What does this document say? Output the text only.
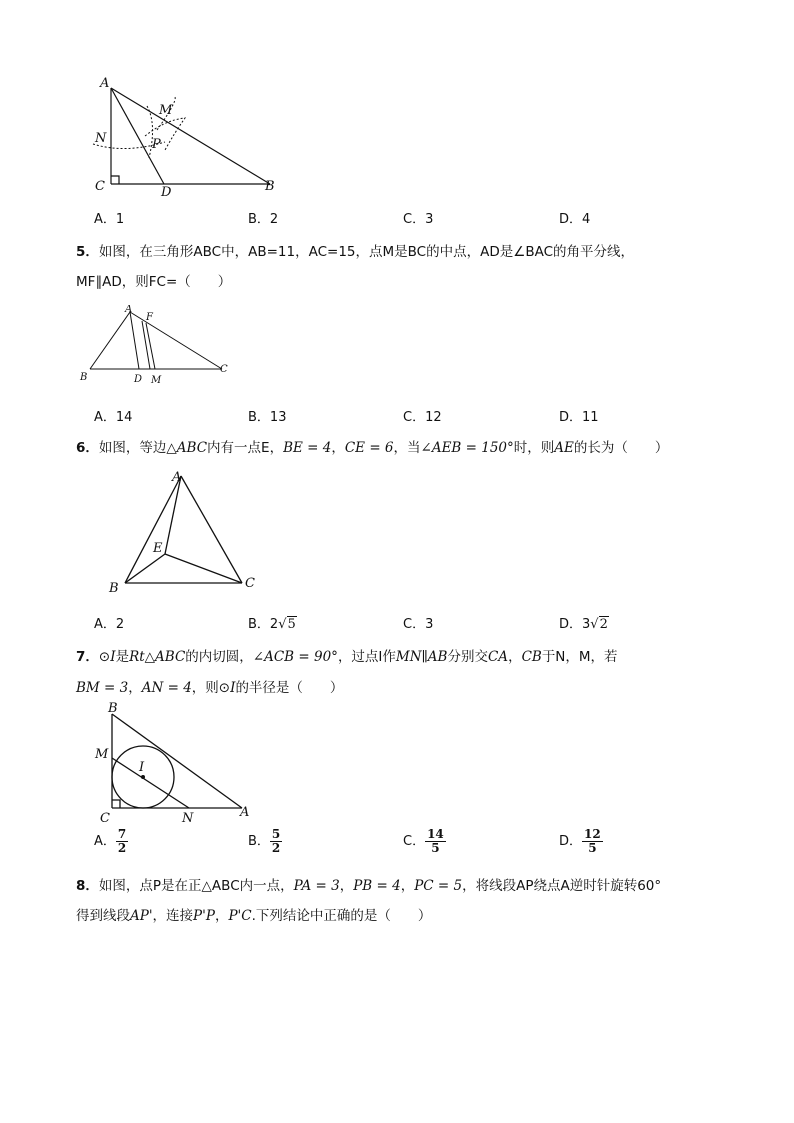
A
M
N	P
C	D	B
A．1	B．2	C．3	D．4
5．如图，在三角形ABC中，AB=11，AC=15，点M是BC的中点，AD是∠BAC的角平分线，
MF∥AD，则FC=（　　）
A
F
B	D M
C
A．14	B．13	C．12	D．11
6．如图，等边△ABC内有一点E，BE = 4，CE = 6，当∠AEB = 150°时，则AE的长为（　　）
A
E
B	C
A．2	B．2√5	C．3	D．3√2
7．⊙I是Rt△ABC的内切圆，∠ACB = 90°，过点I作MN∥AB分别交CA，CB于N，M，若
BM = 3，AN = 4，则⊙I的半径是（　　）
B
M
I
C	N	A
A． $\frac{7}{2}$	B． $\frac{5}{2}$	C． $\frac{14}{5}$	D． $\frac{12}{5}$
8．如图，点P是在正△ABC内一点，PA = 3，PB = 4，PC = 5，将线段AP绕点A逆时针旋转60°
得到线段AP'，连接P'P，P'C.下列结论中正确的是（　　）
